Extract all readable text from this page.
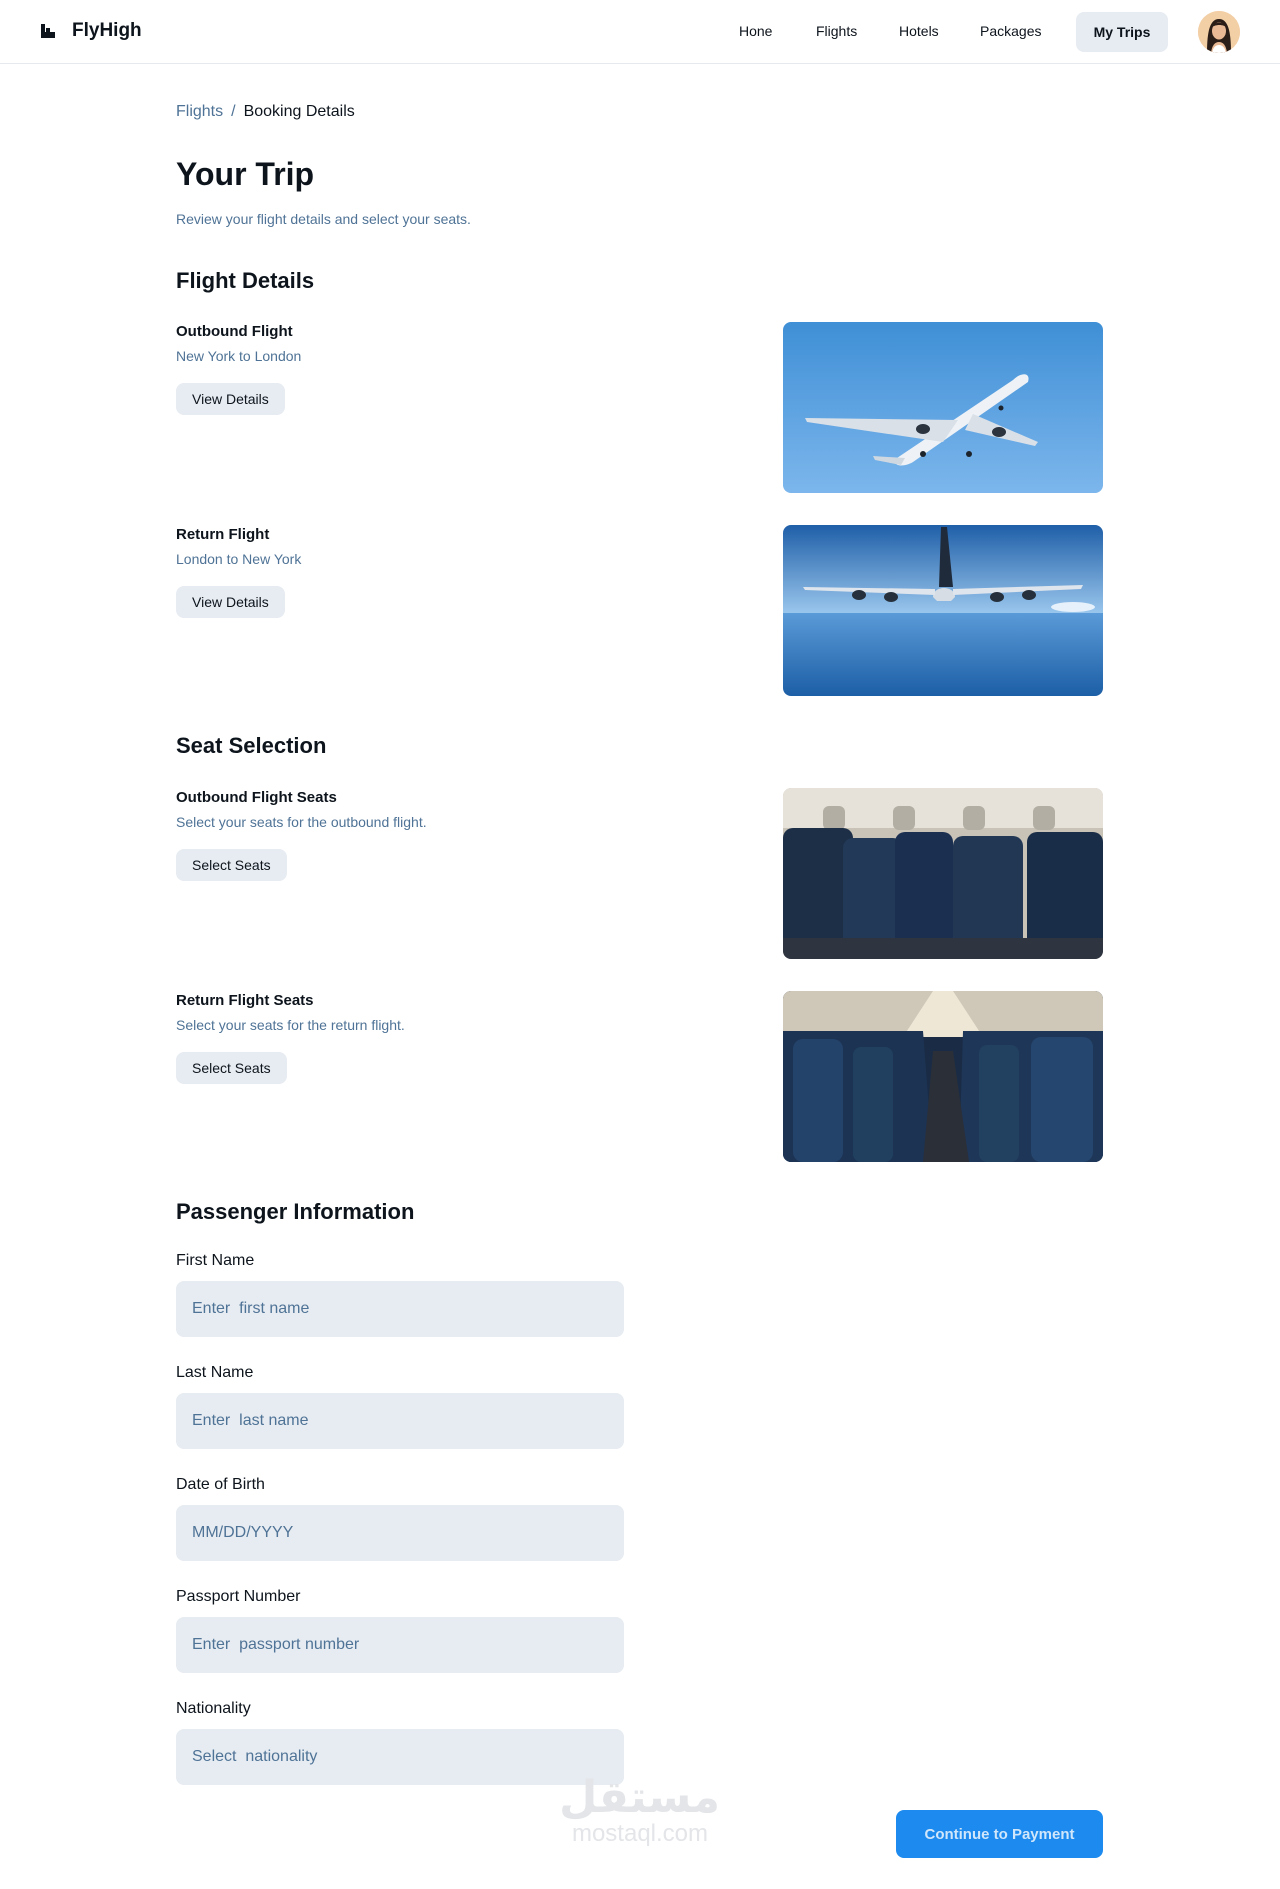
FlyHigh	Hone	Flights	Hotels	Packages	My Trips
Flights / Booking Details
Your Trip
Review your flight details and select your seats.
Flight Details
Outbound Flight
New York to London
View Details
Return Flight
London to New York
View Details
Seat Selection
Outbound Flight Seats
Select your seats for the outbound flight.
Select Seats
Return Flight Seats
Select your seats for the return flight.
Select Seats
Passenger Information
First Name
Enter first name
Last Name
Enter last name
Date of Birth
MM/DD/YYYY
Passport Number
Enter passport number
Nationality
Select nationality
Continue to Payment
مستقل
mostaql.com
